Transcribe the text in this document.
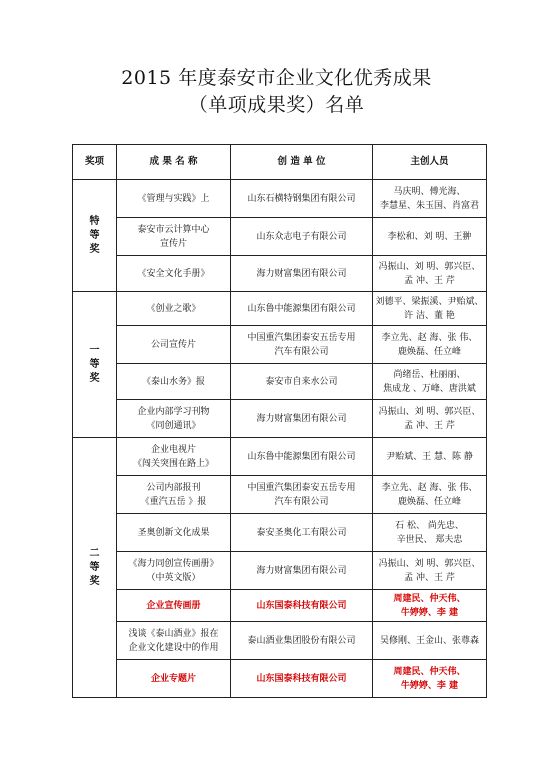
2015 年度泰安市企业文化优秀成果
（单项成果奖）名单
奖项	成 果 名 称	创 造 单 位	主创人员
特等奖	《管理与实践》上	山东石横特钢集团有限公司	马庆明、傅光海、
李慧星、朱玉国、肖富君

	泰安市云计算中心
宣传片	山东众志电子有限公司	李松和、刘 明、王翀

	《安全文化手册》	海力财富集团有限公司	冯振山、刘 明、郭兴臣、
孟 冲、王 芹

一等奖	《创业之歌》	山东鲁中能源集团有限公司	刘德平、梁振溪、尹贻斌、
许 洁、董 艳

	公司宣传片	中国重汽集团泰安五岳专用
汽车有限公司	李立先、赵 海、张 伟、
鹿焕磊、任立峰

	《泰山水务》报	泰安市自来水公司	尚绪岳、杜丽丽、
焦成龙 、万峰、唐洪斌

	企业内部学习刊物
《同创通讯》	海力财富集团有限公司	冯振山、刘 明、郭兴臣、
孟 冲、王 芹

二等奖	企业电视片
《闯关突围在路上》	山东鲁中能源集团有限公司	尹贻斌、王 慧、陈 静

	公司内部报刊
《重汽五岳 》报	中国重汽集团泰安五岳专用
汽车有限公司	李立先、赵 海、张 伟、
鹿焕磊、任立峰

	圣奥创新文化成果	泰安圣奥化工有限公司	石 松、 尚先忠、
辛世民、 郑夫忠

	《海力同创宣传画册》
（中英文版）	海力财富集团有限公司	冯振山、刘 明、郭兴臣、
孟 冲、王 芹

	企业宣传画册	山东国泰科技有限公司	周建民、仲天伟、
牛婷婷、李 建

	浅谈《泰山酒业》报在
企业文化建设中的作用	泰山酒业集团股份有限公司	吴修刚、王金山、张尊森

	企业专题片	山东国泰科技有限公司	周建民、仲天伟、
牛婷婷、李 建
